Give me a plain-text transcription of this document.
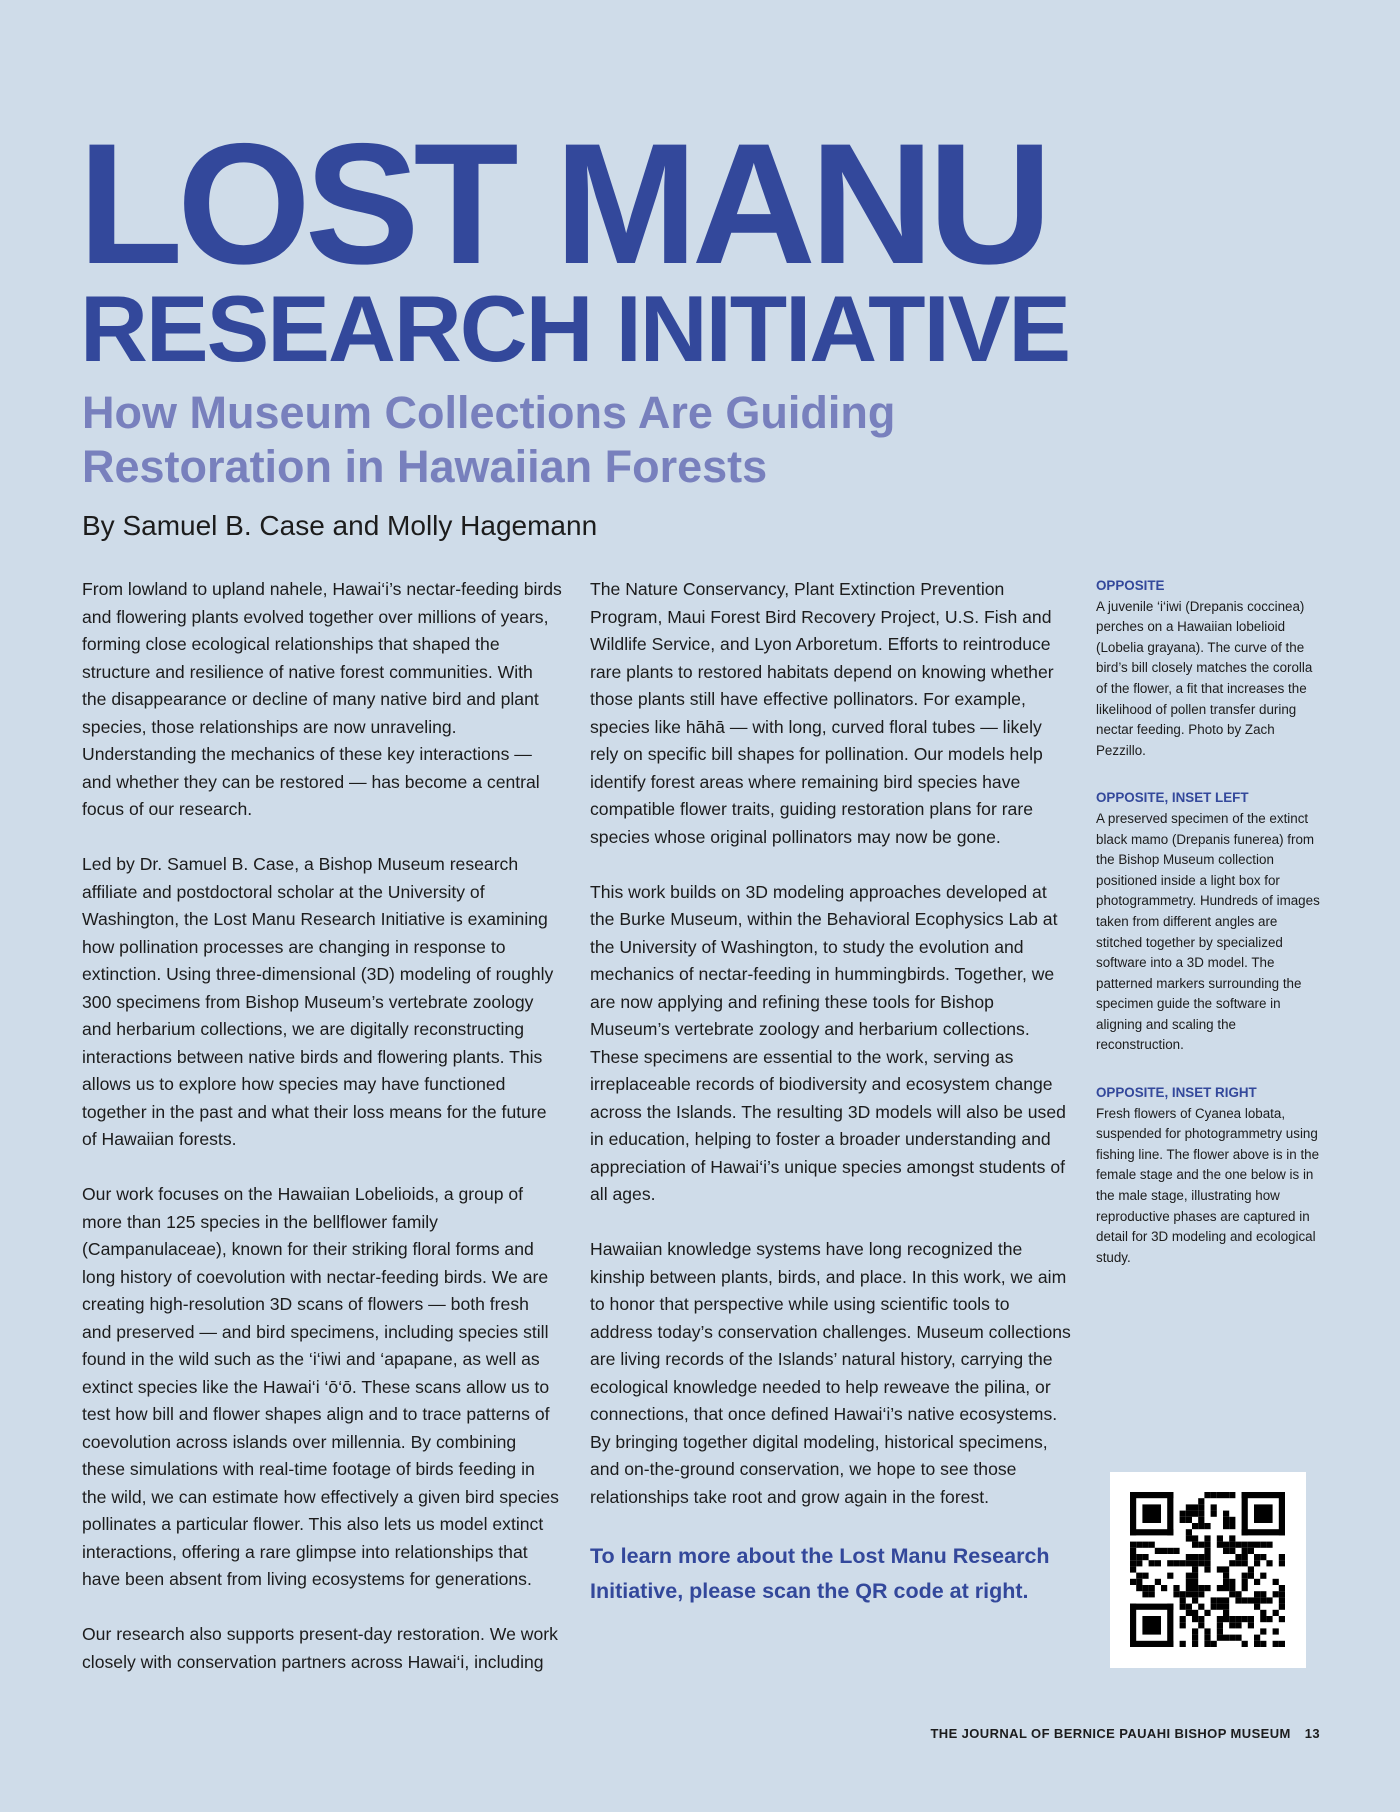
LOST MANU
RESEARCH INITIATIVE
How Museum Collections Are Guiding Restoration in Hawaiian Forests
By Samuel B. Case and Molly Hagemann

From lowland to upland nahele, Hawai‘i’s nectar-feeding birds and flowering plants evolved together over millions of years, forming close ecological relationships that shaped the structure and resilience of native forest communities. With the disappearance or decline of many native bird and plant species, those relationships are now unraveling. Understanding the mechanics of these key interactions — and whether they can be restored — has become a central focus of our research.

Led by Dr. Samuel B. Case, a Bishop Museum research affiliate and postdoctoral scholar at the University of Washington, the Lost Manu Research Initiative is examining how pollination processes are changing in response to extinction. Using three-dimensional (3D) modeling of roughly 300 specimens from Bishop Museum’s vertebrate zoology and herbarium collections, we are digitally reconstructing interactions between native birds and flowering plants. This allows us to explore how species may have functioned together in the past and what their loss means for the future of Hawaiian forests.

Our work focuses on the Hawaiian Lobelioids, a group of more than 125 species in the bellflower family (Campanulaceae), known for their striking floral forms and long history of coevolution with nectar-feeding birds. We are creating high-resolution 3D scans of flowers — both fresh and preserved — and bird specimens, including species still found in the wild such as the ‘i‘iwi and ‘apapane, as well as extinct species like the Hawai‘i ‘ō‘ō. These scans allow us to test how bill and flower shapes align and to trace patterns of coevolution across islands over millennia. By combining these simulations with real-time footage of birds feeding in the wild, we can estimate how effectively a given bird species pollinates a particular flower. This also lets us model extinct interactions, offering a rare glimpse into relationships that have been absent from living ecosystems for generations.

Our research also supports present-day restoration. We work closely with conservation partners across Hawai‘i, including

The Nature Conservancy, Plant Extinction Prevention Program, Maui Forest Bird Recovery Project, U.S. Fish and Wildlife Service, and Lyon Arboretum. Efforts to reintroduce rare plants to restored habitats depend on knowing whether those plants still have effective pollinators. For example, species like hāhā — with long, curved floral tubes — likely rely on specific bill shapes for pollination. Our models help identify forest areas where remaining bird species have compatible flower traits, guiding restoration plans for rare species whose original pollinators may now be gone.

This work builds on 3D modeling approaches developed at the Burke Museum, within the Behavioral Ecophysics Lab at the University of Washington, to study the evolution and mechanics of nectar-feeding in hummingbirds. Together, we are now applying and refining these tools for Bishop Museum’s vertebrate zoology and herbarium collections. These specimens are essential to the work, serving as irreplaceable records of biodiversity and ecosystem change across the Islands. The resulting 3D models will also be used in education, helping to foster a broader understanding and appreciation of Hawai‘i’s unique species amongst students of all ages.

Hawaiian knowledge systems have long recognized the kinship between plants, birds, and place. In this work, we aim to honor that perspective while using scientific tools to address today’s conservation challenges. Museum collections are living records of the Islands’ natural history, carrying the ecological knowledge needed to help reweave the pilina, or connections, that once defined Hawai‘i’s native ecosystems. By bringing together digital modeling, historical specimens, and on-the-ground conservation, we hope to see those relationships take root and grow again in the forest.

To learn more about the Lost Manu Research Initiative, please scan the QR code at right.

OPPOSITE
A juvenile ‘i‘iwi (Drepanis coccinea) perches on a Hawaiian lobelioid (Lobelia grayana). The curve of the bird’s bill closely matches the corolla of the flower, a fit that increases the likelihood of pollen transfer during nectar feeding. Photo by Zach Pezzillo.
OPPOSITE, INSET LEFT
A preserved specimen of the extinct black mamo (Drepanis funerea) from the Bishop Museum collection positioned inside a light box for photogrammetry. Hundreds of images taken from different angles are stitched together by specialized software into a 3D model. The patterned markers surrounding the specimen guide the software in aligning and scaling the reconstruction.
OPPOSITE, INSET RIGHT
Fresh flowers of Cyanea lobata, suspended for photogrammetry using fishing line. The flower above is in the female stage and the one below is in the male stage, illustrating how reproductive phases are captured in detail for 3D modeling and ecological study.
THE JOURNAL OF BERNICE PAUAHI BISHOP MUSEUM 13
